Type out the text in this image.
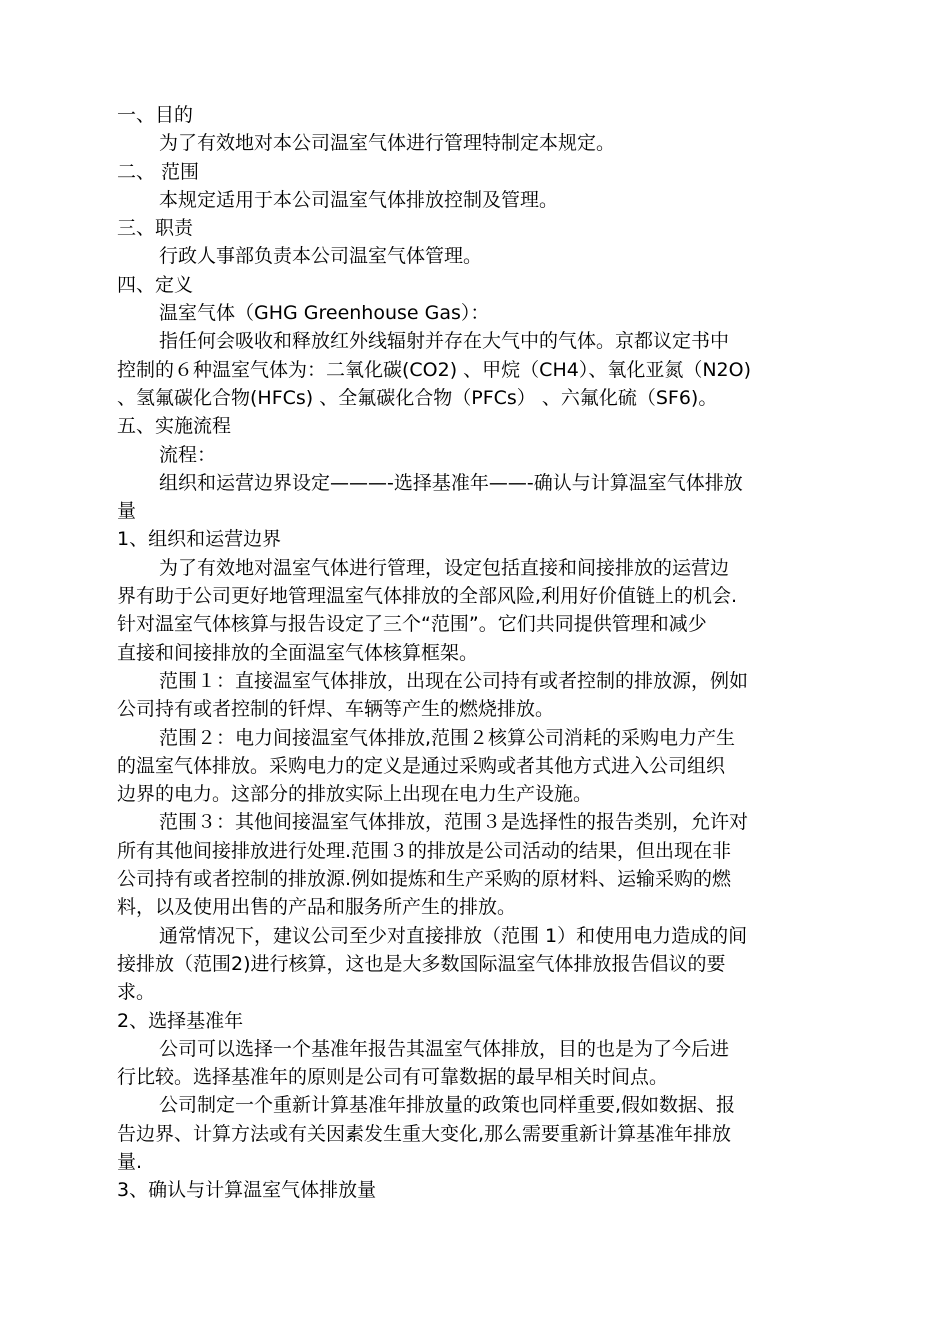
一、目的
为了有效地对本公司温室气体进行管理特制定本规定。
二、 范围
本规定适用于本公司温室气体排放控制及管理。
三、职责
行政人事部负责本公司温室气体管理。
四、定义
温室气体（GHG Greenhouse Gas）：
指任何会吸收和释放红外线辐射并存在大气中的气体。京都议定书中
控制的６种温室气体为：二氧化碳(CO2) 、甲烷（CH4）、氧化亚氮（N2O)
、氢氟碳化合物(HFCs) 、全氟碳化合物（PFCs） 、六氟化硫（SF6)。
五、实施流程
流程：
组织和运营边界设定———-选择基准年——-确认与计算温室气体排放
量
1、组织和运营边界
为了有效地对温室气体进行管理，设定包括直接和间接排放的运营边
界有助于公司更好地管理温室气体排放的全部风险,利用好价值链上的机会.
针对温室气体核算与报告设定了三个“范围”。它们共同提供管理和减少
直接和间接排放的全面温室气体核算框架。
范围１：直接温室气体排放，出现在公司持有或者控制的排放源，例如
公司持有或者控制的钎焊、车辆等产生的燃烧排放。
范围２：电力间接温室气体排放,范围２核算公司消耗的采购电力产生
的温室气体排放。采购电力的定义是通过采购或者其他方式进入公司组织
边界的电力。这部分的排放实际上出现在电力生产设施。
范围３：其他间接温室气体排放，范围３是选择性的报告类别，允许对
所有其他间接排放进行处理.范围３的排放是公司活动的结果，但出现在非
公司持有或者控制的排放源.例如提炼和生产采购的原材料、运输采购的燃
料，以及使用出售的产品和服务所产生的排放。
通常情况下，建议公司至少对直接排放（范围 1）和使用电力造成的间
接排放（范围2)进行核算，这也是大多数国际温室气体排放报告倡议的要
求。
2、选择基准年
公司可以选择一个基准年报告其温室气体排放，目的也是为了今后进
行比较。选择基准年的原则是公司有可靠数据的最早相关时间点。
公司制定一个重新计算基准年排放量的政策也同样重要,假如数据、报
告边界、计算方法或有关因素发生重大变化,那么需要重新计算基准年排放
量.
3、确认与计算温室气体排放量
